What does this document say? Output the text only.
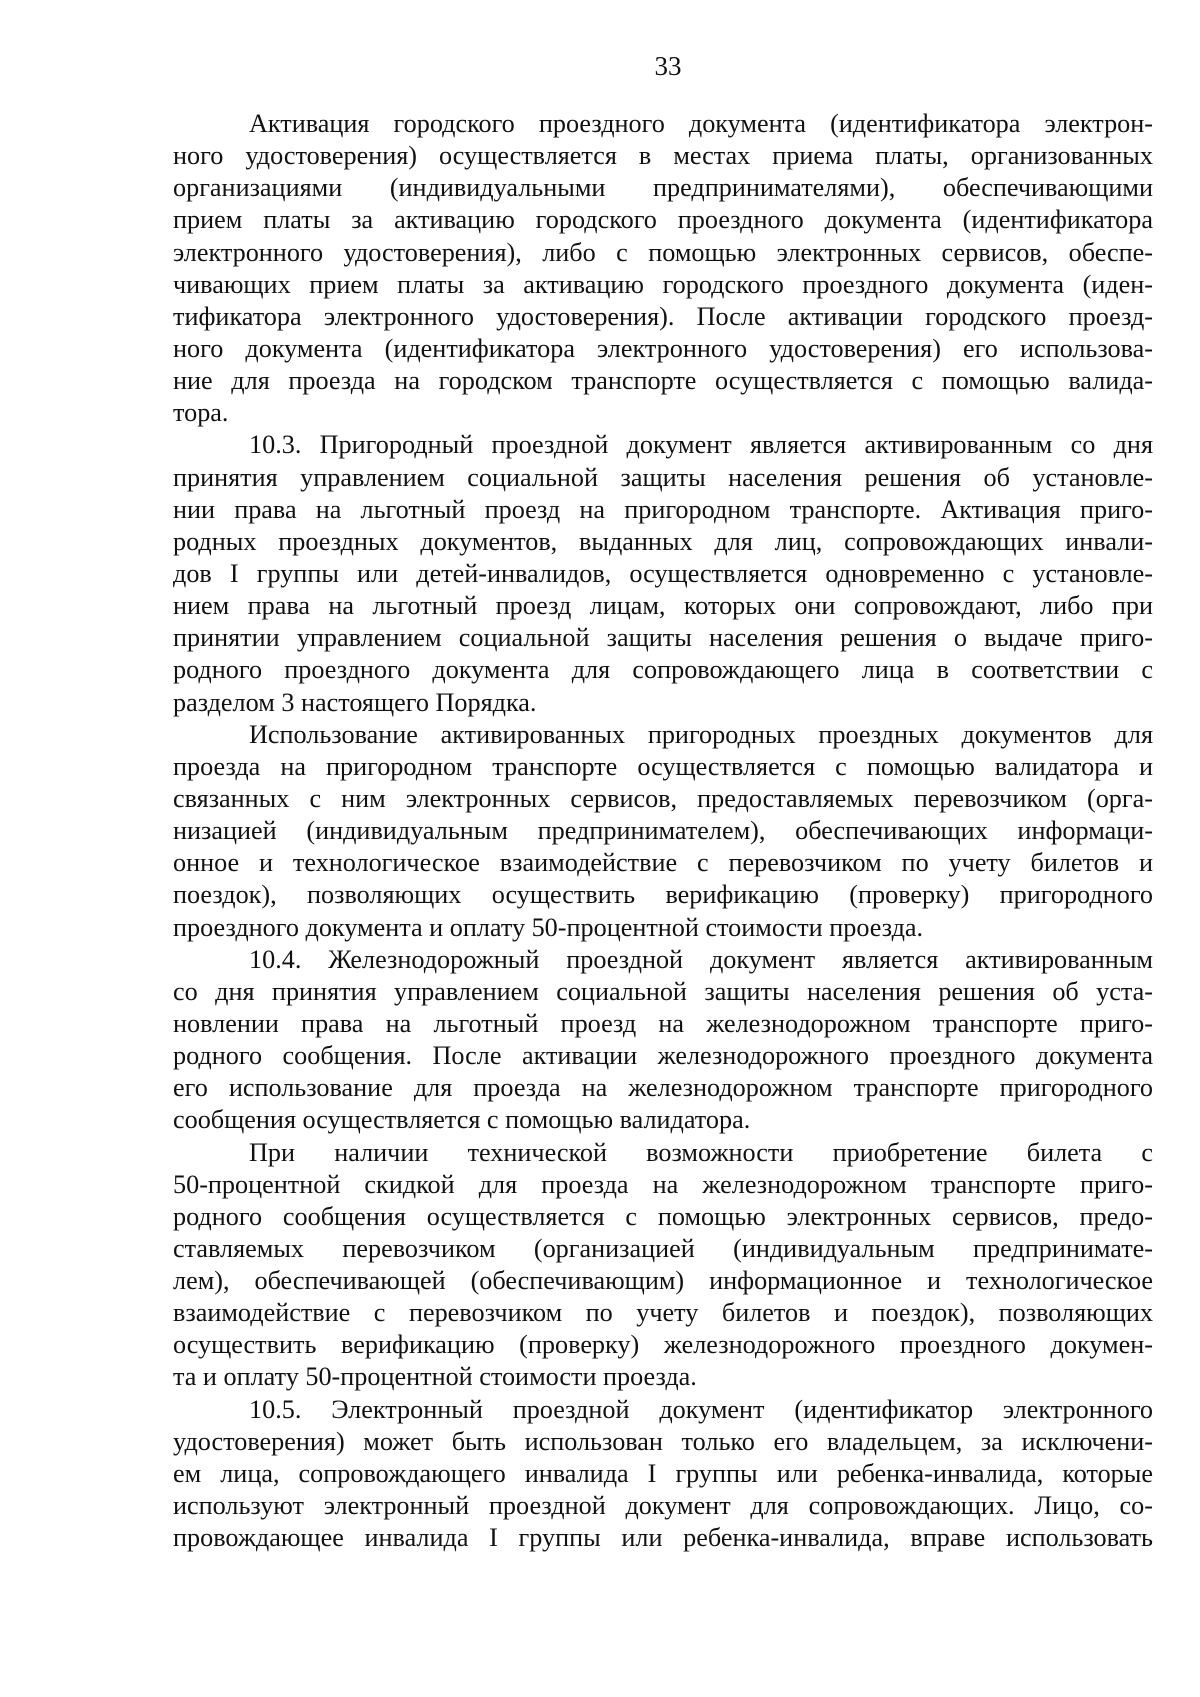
33
Активация городского проездного документа (идентификатора электрон-
ного удостоверения) осуществляется в местах приема платы, организованных
организациями (индивидуальными предпринимателями), обеспечивающими
прием платы за активацию городского проездного документа (идентификатора
электронного удостоверения), либо с помощью электронных сервисов, обеспе-
чивающих прием платы за активацию городского проездного документа (иден-
тификатора электронного удостоверения). После активации городского проезд-
ного документа (идентификатора электронного удостоверения) его использова-
ние для проезда на городском транспорте осуществляется с помощью валида-
тора.
10.3. Пригородный проездной документ является активированным со дня
принятия управлением социальной защиты населения решения об установле-
нии права на льготный проезд на пригородном транспорте. Активация приго-
родных проездных документов, выданных для лиц, сопровождающих инвали-
дов I группы или детей-инвалидов, осуществляется одновременно с установле-
нием права на льготный проезд лицам, которых они сопровождают, либо при
принятии управлением социальной защиты населения решения о выдаче приго-
родного проездного документа для сопровождающего лица в соответствии с
разделом 3 настоящего Порядка.
Использование активированных пригородных проездных документов для
проезда на пригородном транспорте осуществляется с помощью валидатора и
связанных с ним электронных сервисов, предоставляемых перевозчиком (орга-
низацией (индивидуальным предпринимателем), обеспечивающих информаци-
онное и технологическое взаимодействие с перевозчиком по учету билетов и
поездок), позволяющих осуществить верификацию (проверку) пригородного
проездного документа и оплату 50-процентной стоимости проезда.
10.4. Железнодорожный проездной документ является активированным
со дня принятия управлением социальной защиты населения решения об уста-
новлении права на льготный проезд на железнодорожном транспорте приго-
родного сообщения. После активации железнодорожного проездного документа
его использование для проезда на железнодорожном транспорте пригородного
сообщения осуществляется с помощью валидатора.
При наличии технической возможности приобретение билета с
50-процентной скидкой для проезда на железнодорожном транспорте приго-
родного сообщения осуществляется с помощью электронных сервисов, предо-
ставляемых перевозчиком (организацией (индивидуальным предпринимате-
лем), обеспечивающей (обеспечивающим) информационное и технологическое
взаимодействие с перевозчиком по учету билетов и поездок), позволяющих
осуществить верификацию (проверку) железнодорожного проездного докумен-
та и оплату 50-процентной стоимости проезда.
10.5. Электронный проездной документ (идентификатор электронного
удостоверения) может быть использован только его владельцем, за исключени-
ем лица, сопровождающего инвалида I группы или ребенка-инвалида, которые
используют электронный проездной документ для сопровождающих. Лицо, со-
провождающее инвалида I группы или ребенка-инвалида, вправе использовать
